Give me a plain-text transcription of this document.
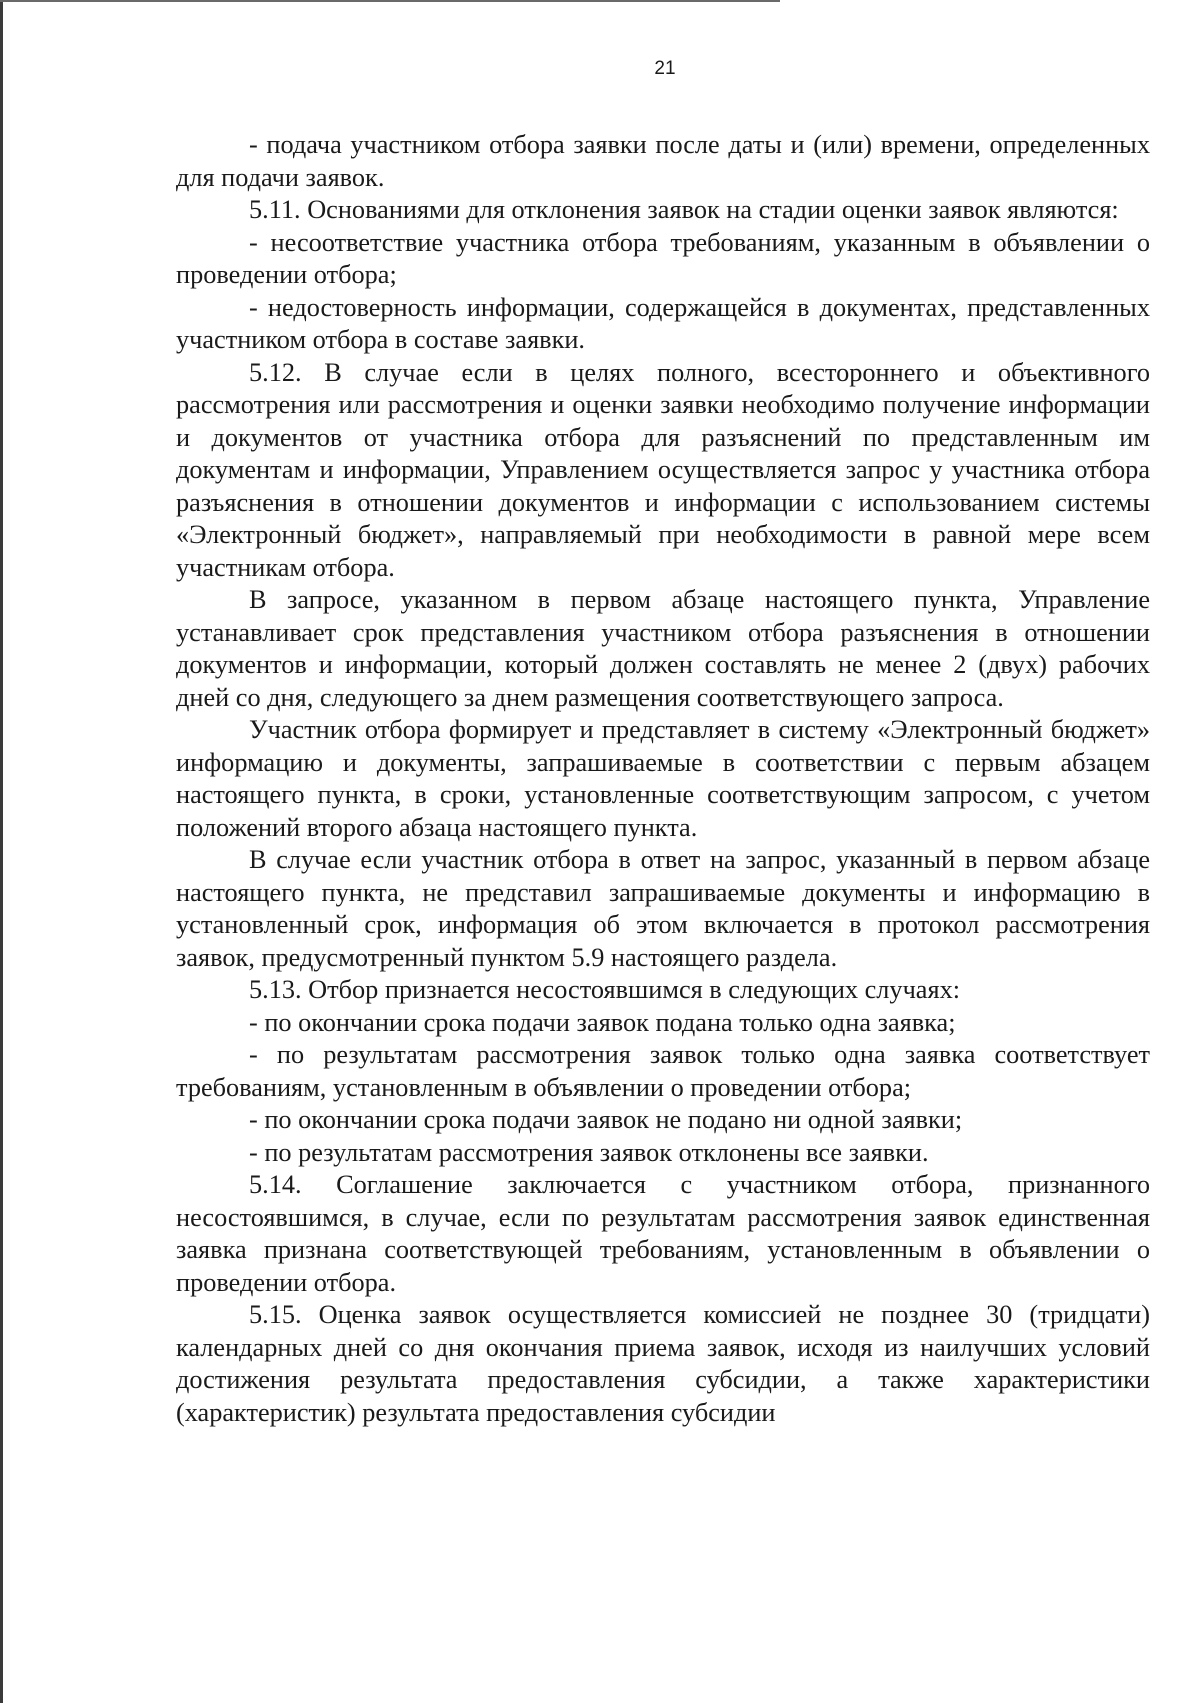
21

- подача участником отбора заявки после даты и (или) времени, определенных для подачи заявок.

5.11. Основаниями для отклонения заявок на стадии оценки заявок являются:

- несоответствие участника отбора требованиям, указанным в объявлении о проведении отбора;

- недостоверность информации, содержащейся в документах, представленных участником отбора в составе заявки.

5.12. В случае если в целях полного, всестороннего и объективного рассмотрения или рассмотрения и оценки заявки необходимо получение информации и документов от участника отбора для разъяснений по представленным им документам и информации, Управлением осуществляется запрос у участника отбора разъяснения в отношении документов и информации с использованием системы «Электронный бюджет», направляемый при необходимости в равной мере всем участникам отбора.

В запросе, указанном в первом абзаце настоящего пункта, Управление устанавливает срок представления участником отбора разъяснения в отношении документов и информации, который должен составлять не менее 2 (двух) рабочих дней со дня, следующего за днем размещения соответствующего запроса.

Участник отбора формирует и представляет в систему «Электронный бюджет» информацию и документы, запрашиваемые в соответствии с первым абзацем настоящего пункта, в сроки, установленные соответствующим запросом, с учетом положений второго абзаца настоящего пункта.

В случае если участник отбора в ответ на запрос, указанный в первом абзаце настоящего пункта, не представил запрашиваемые документы и информацию в установленный срок, информация об этом включается в протокол рассмотрения заявок, предусмотренный пунктом 5.9 настоящего раздела.

5.13. Отбор признается несостоявшимся в следующих случаях:

- по окончании срока подачи заявок подана только одна заявка;

- по результатам рассмотрения заявок только одна заявка соответствует требованиям, установленным в объявлении о проведении отбора;

- по окончании срока подачи заявок не подано ни одной заявки;

- по результатам рассмотрения заявок отклонены все заявки.

5.14. Соглашение заключается с участником отбора, признанного несостоявшимся, в случае, если по результатам рассмотрения заявок единственная заявка признана соответствующей требованиям, установленным в объявлении о проведении отбора.

5.15. Оценка заявок осуществляется комиссией не позднее 30 (тридцати) календарных дней со дня окончания приема заявок, исходя из наилучших условий достижения результата предоставления субсидии, а также характеристики (характеристик) результата предоставления субсидии
